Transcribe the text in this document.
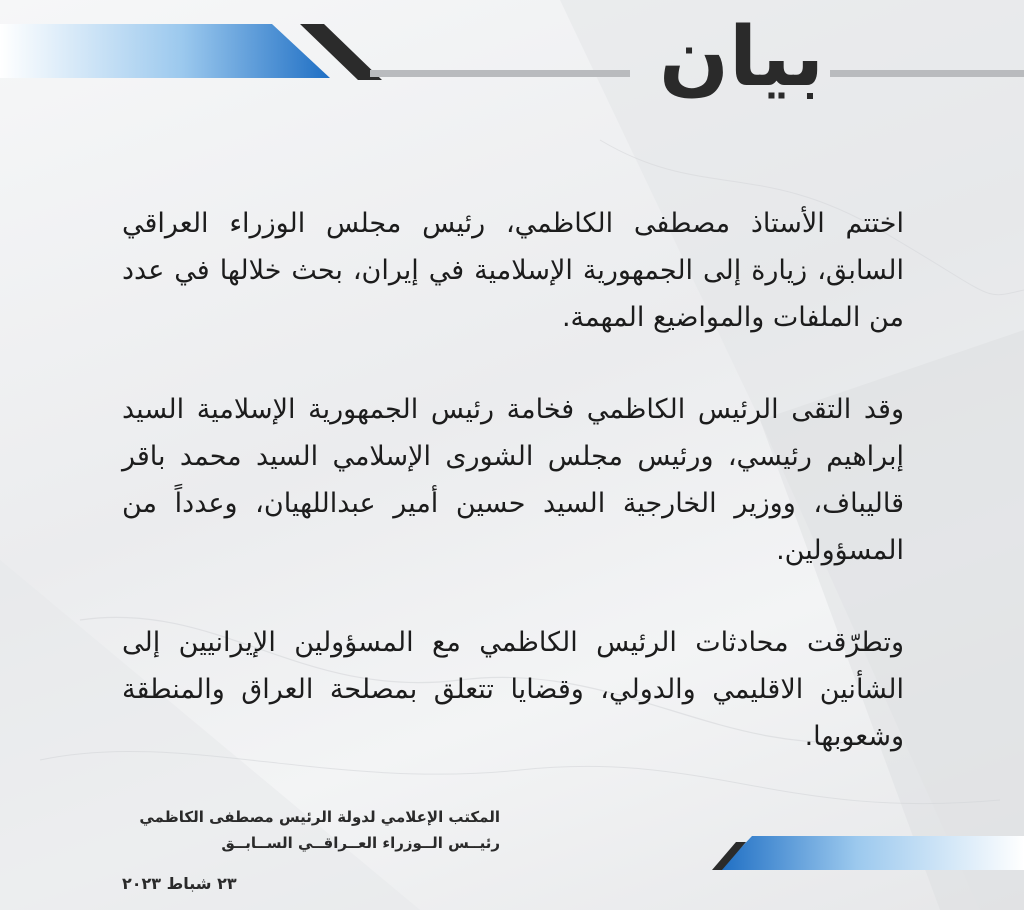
بيان

اختتم الأستاذ مصطفى الكاظمي، رئيس مجلس الوزراء العراقي السابق، زيارة إلى الجمهورية الإسلامية في إيران، بحث خلالها في عدد من الملفات والمواضيع المهمة.

وقد التقى الرئيس الكاظمي فخامة رئيس الجمهورية الإسلامية السيد إبراهيم رئيسي، ورئيس مجلس الشورى الإسلامي السيد محمد باقر قاليباف، ووزير الخارجية السيد حسين أمير عبداللهيان، وعدداً من المسؤولين.

وتطرّقت محادثات الرئيس الكاظمي مع المسؤولين الإيرانيين إلى الشأنين الاقليمي والدولي، وقضايا تتعلق بمصلحة العراق والمنطقة وشعوبها.

المكتب الإعلامي لدولة الرئيس مصطفى الكاظمي
رئيــس الــوزراء العــراقــي الســابــق
٢٣ شباط ٢٠٢٣
